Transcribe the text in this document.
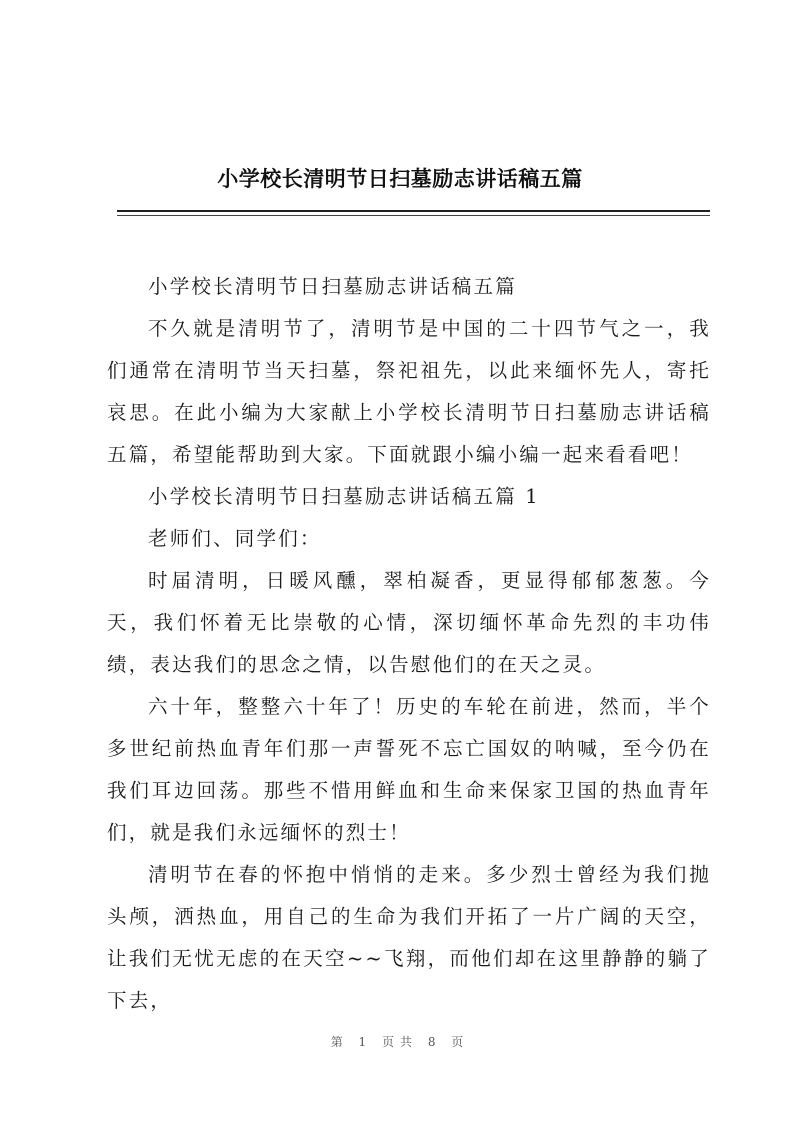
小学校长清明节日扫墓励志讲话稿五篇

小学校长清明节日扫墓励志讲话稿五篇

不久就是清明节了，清明节是中国的二十四节气之一，我们通常在清明节当天扫墓，祭祀祖先，以此来缅怀先人，寄托哀思。在此小编为大家献上小学校长清明节日扫墓励志讲话稿五篇，希望能帮助到大家。下面就跟小编小编一起来看看吧！

小学校长清明节日扫墓励志讲话稿五篇 1

老师们、同学们：

时届清明，日暖风醺，翠柏凝香，更显得郁郁葱葱。今天，我们怀着无比崇敬的心情，深切缅怀革命先烈的丰功伟绩，表达我们的思念之情，以告慰他们的在天之灵。

六十年，整整六十年了！历史的车轮在前进，然而，半个多世纪前热血青年们那一声誓死不忘亡国奴的呐喊，至今仍在我们耳边回荡。那些不惜用鲜血和生命来保家卫国的热血青年们，就是我们永远缅怀的烈士！

清明节在春的怀抱中悄悄的走来。多少烈士曾经为我们抛头颅，洒热血，用自己的生命为我们开拓了一片广阔的天空，让我们无忧无虑的在天空~~飞翔，而他们却在这里静静的躺了下去，

第 1 页共 8 页
